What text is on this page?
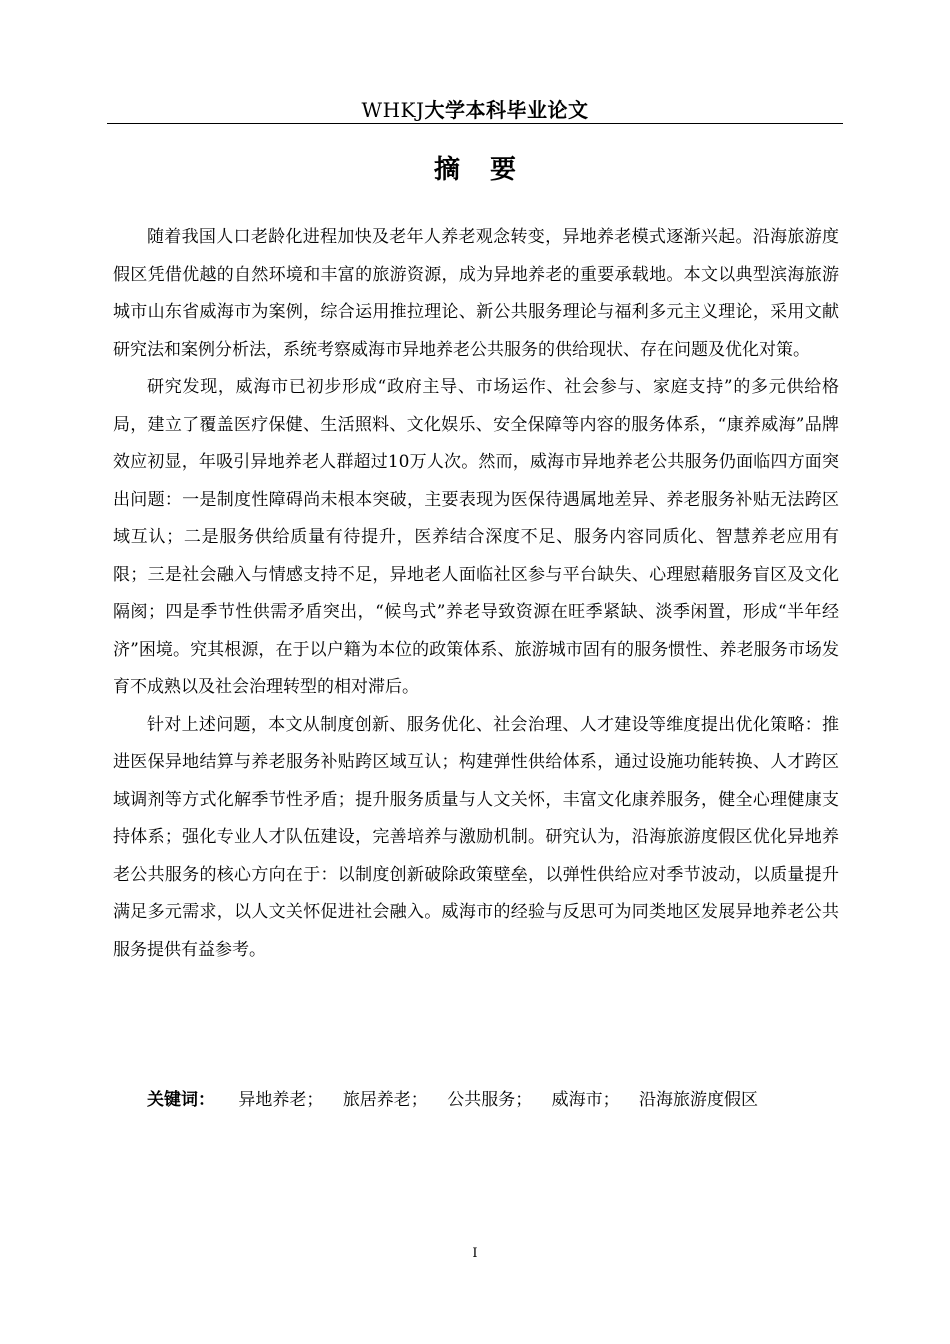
WHKJ大学本科毕业论文
摘要

随着我国人口老龄化进程加快及老年人养老观念转变，异地养老模式逐渐兴起。沿海旅游度假区凭借优越的自然环境和丰富的旅游资源，成为异地养老的重要承载地。本文以典型滨海旅游城市山东省威海市为案例，综合运用推拉理论、新公共服务理论与福利多元主义理论，采用文献研究法和案例分析法，系统考察威海市异地养老公共服务的供给现状、存在问题及优化对策。

研究发现，威海市已初步形成“政府主导、市场运作、社会参与、家庭支持”的多元供给格局，建立了覆盖医疗保健、生活照料、文化娱乐、安全保障等内容的服务体系，“康养威海”品牌效应初显，年吸引异地养老人群超过10万人次。然而，威海市异地养老公共服务仍面临四方面突出问题：一是制度性障碍尚未根本突破，主要表现为医保待遇属地差异、养老服务补贴无法跨区域互认；二是服务供给质量有待提升，医养结合深度不足、服务内容同质化、智慧养老应用有限；三是社会融入与情感支持不足，异地老人面临社区参与平台缺失、心理慰藉服务盲区及文化隔阂；四是季节性供需矛盾突出，“候鸟式”养老导致资源在旺季紧缺、淡季闲置，形成“半年经济”困境。究其根源，在于以户籍为本位的政策体系、旅游城市固有的服务惯性、养老服务市场发育不成熟以及社会治理转型的相对滞后。

针对上述问题，本文从制度创新、服务优化、社会治理、人才建设等维度提出优化策略：推进医保异地结算与养老服务补贴跨区域互认；构建弹性供给体系，通过设施功能转换、人才跨区域调剂等方式化解季节性矛盾；提升服务质量与人文关怀，丰富文化康养服务，健全心理健康支持体系；强化专业人才队伍建设，完善培养与激励机制。研究认为，沿海旅游度假区优化异地养老公共服务的核心方向在于：以制度创新破除政策壁垒，以弹性供给应对季节波动，以质量提升满足多元需求，以人文关怀促进社会融入。威海市的经验与反思可为同类地区发展异地养老公共服务提供有益参考。

关键词： 异地养老； 旅居养老； 公共服务； 威海市； 沿海旅游度假区
I
